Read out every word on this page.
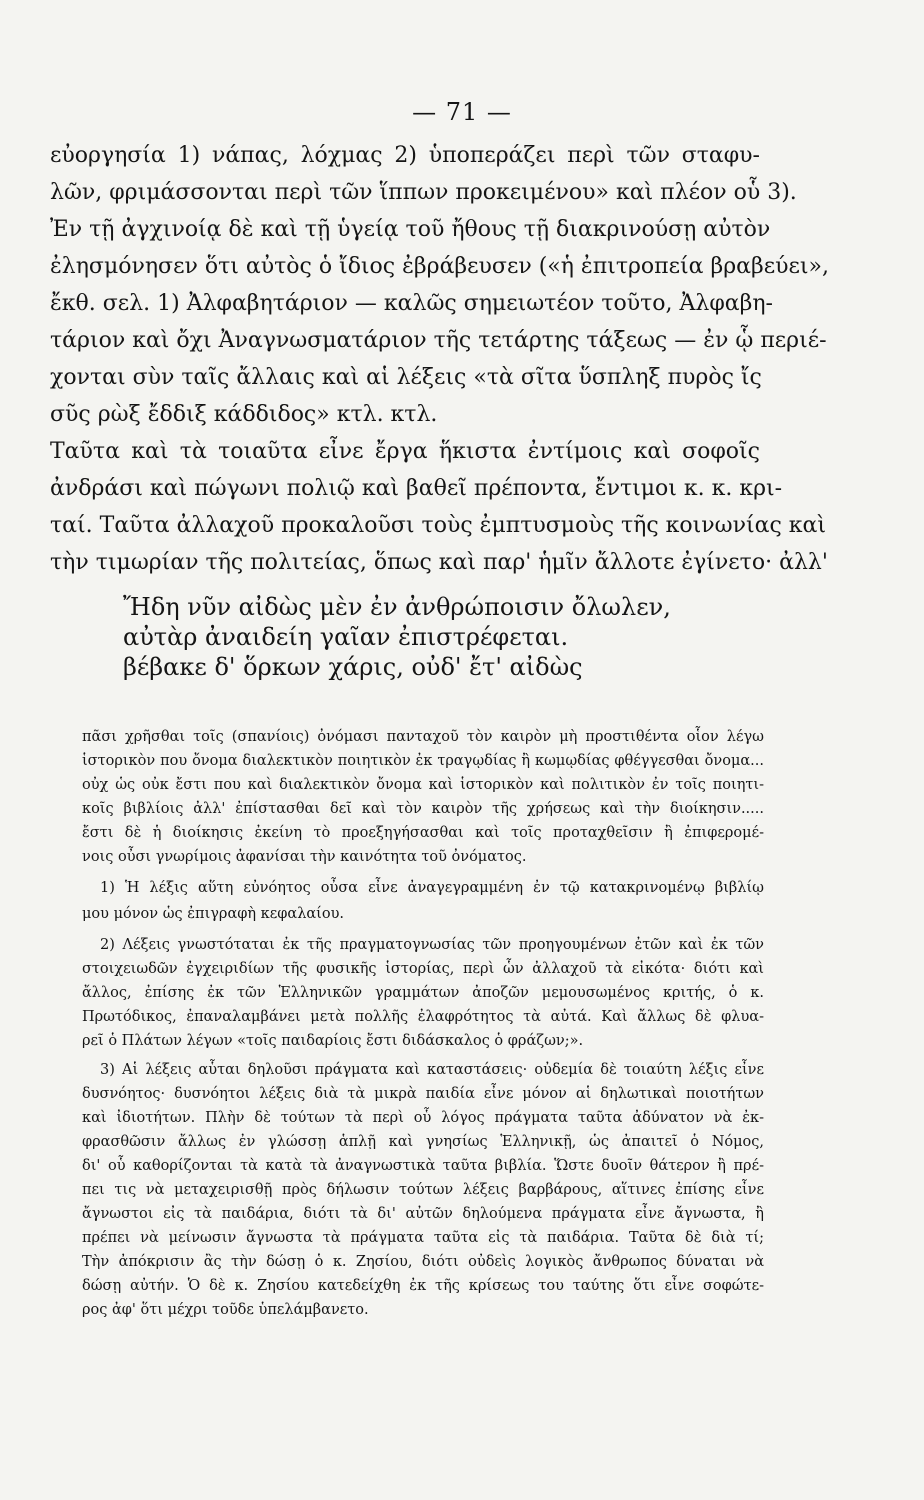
— 71 —
εὐοργησία 1) νάπας, λόχμας 2) ὑποπεράζει περὶ τῶν σταφυ-
λῶν, φριμάσσονται περὶ τῶν ἵππων προκειμένου» καὶ πλέον οὗ 3).
Ἐν τῇ ἀγχινοίᾳ δὲ καὶ τῇ ὑγείᾳ τοῦ ἤθους τῇ διακρινούσῃ αὐτὸν
ἐλησμόνησεν ὅτι αὐτὸς ὁ ἴδιος ἐβράβευσεν («ἡ ἐπιτροπεία βραβεύει»,
ἔκθ. σελ. 1) Ἀλφαβητάριον — καλῶς σημειωτέον τοῦτο, Ἀλφαβη-
τάριον καὶ ὄχι Ἀναγνωσματάριον τῆς τετάρτης τάξεως — ἐν ᾧ περιέ-
χονται σὺν ταῖς ἄλλαις καὶ αἱ λέξεις «τὰ σῖτα ὕσπληξ πυρὸς ἴς
σῦς ρὼξ ἔδδιξ κάδδιδος» κτλ. κτλ.
Ταῦτα καὶ τὰ τοιαῦτα εἶνε ἔργα ἥκιστα ἐντίμοις καὶ σοφοῖς
ἀνδράσι καὶ πώγωνι πολιῷ καὶ βαθεῖ πρέποντα, ἔντιμοι κ. κ. κρι-
ταί. Ταῦτα ἀλλαχοῦ προκαλοῦσι τοὺς ἐμπτυσμοὺς τῆς κοινωνίας καὶ
τὴν τιμωρίαν τῆς πολιτείας, ὅπως καὶ παρ' ἡμῖν ἄλλοτε ἐγίνετο· ἀλλ'
Ἤδη νῦν αἰδὼς μὲν ἐν ἀνθρώποισιν ὄλωλεν,
αὐτὰρ ἀναιδείη γαῖαν ἐπιστρέφεται.
βέβακε δ' ὅρκων χάρις, οὐδ' ἔτ' αἰδὼς
πᾶσι χρῆσθαι τοῖς (σπανίοις) ὀνόμασι πανταχοῦ τὸν καιρὸν μὴ προστιθέντα οἷον λέγω
ἱστορικὸν που ὄνομα διαλεκτικὸν ποιητικὸν ἐκ τραγῳδίας ἢ κωμῳδίας φθέγγεσθαι ὄνομα...
οὐχ ὡς οὐκ ἔστι που καὶ διαλεκτικὸν ὄνομα καὶ ἱστορικὸν καὶ πολιτικὸν ἐν τοῖς ποιητι-
κοῖς βιβλίοις ἀλλ' ἐπίστασθαι δεῖ καὶ τὸν καιρὸν τῆς χρήσεως καὶ τὴν διοίκησιν.....
ἔστι δὲ ἡ διοίκησις ἐκείνη τὸ προεξηγήσασθαι καὶ τοῖς προταχθεῖσιν ἢ ἐπιφερομέ-
νοις οὖσι γνωρίμοις ἀφανίσαι τὴν καινότητα τοῦ ὀνόματος.
1) Ἡ λέξις αὕτη εὐνόητος οὖσα εἶνε ἀναγεγραμμένη ἐν τῷ κατακρινομένῳ βιβλίῳ
μου μόνον ὡς ἐπιγραφὴ κεφαλαίου.
2) Λέξεις γνωστόταται ἐκ τῆς πραγματογνωσίας τῶν προηγουμένων ἐτῶν καὶ ἐκ τῶν
στοιχειωδῶν ἐγχειριδίων τῆς φυσικῆς ἱστορίας, περὶ ὧν ἀλλαχοῦ τὰ εἰκότα· διότι καὶ
ἄλλος, ἐπίσης ἐκ τῶν Ἑλληνικῶν γραμμάτων ἀποζῶν μεμουσωμένος κριτής, ὁ κ.
Πρωτόδικος, ἐπαναλαμβάνει μετὰ πολλῆς ἐλαφρότητος τὰ αὐτά. Καὶ ἄλλως δὲ φλυα-
ρεῖ ὁ Πλάτων λέγων «τοῖς παιδαρίοις ἔστι διδάσκαλος ὁ φράζων;».
3) Αἱ λέξεις αὗται δηλοῦσι πράγματα καὶ καταστάσεις· οὐδεμία δὲ τοιαύτη λέξις εἶνε
δυσνόητος· δυσνόητοι λέξεις διὰ τὰ μικρὰ παιδία εἶνε μόνον αἱ δηλωτικαὶ ποιοτήτων
καὶ ἰδιοτήτων. Πλὴν δὲ τούτων τὰ περὶ οὗ λόγος πράγματα ταῦτα ἀδύνατον νὰ ἐκ-
φρασθῶσιν ἄλλως ἐν γλώσσῃ ἁπλῇ καὶ γνησίως Ἑλληνικῇ, ὡς ἀπαιτεῖ ὁ Νόμος,
δι' οὗ καθορίζονται τὰ κατὰ τὰ ἀναγνωστικὰ ταῦτα βιβλία. Ὥστε δυοῖν θάτερον ἢ πρέ-
πει τις νὰ μεταχειρισθῇ πρὸς δήλωσιν τούτων λέξεις βαρβάρους, αἵτινες ἐπίσης εἶνε
ἄγνωστοι εἰς τὰ παιδάρια, διότι τὰ δι' αὐτῶν δηλούμενα πράγματα εἶνε ἄγνωστα, ἢ
πρέπει νὰ μείνωσιν ἄγνωστα τὰ πράγματα ταῦτα εἰς τὰ παιδάρια. Ταῦτα δὲ διὰ τί;
Τὴν ἀπόκρισιν ἂς τὴν δώσῃ ὁ κ. Ζησίου, διότι οὐδεὶς λογικὸς ἄνθρωπος δύναται νὰ
δώσῃ αὐτήν. Ὁ δὲ κ. Ζησίου κατεδείχθη ἐκ τῆς κρίσεως του ταύτης ὅτι εἶνε σοφώτε-
ρος ἀφ' ὅτι μέχρι τοῦδε ὑπελάμβανετο.
